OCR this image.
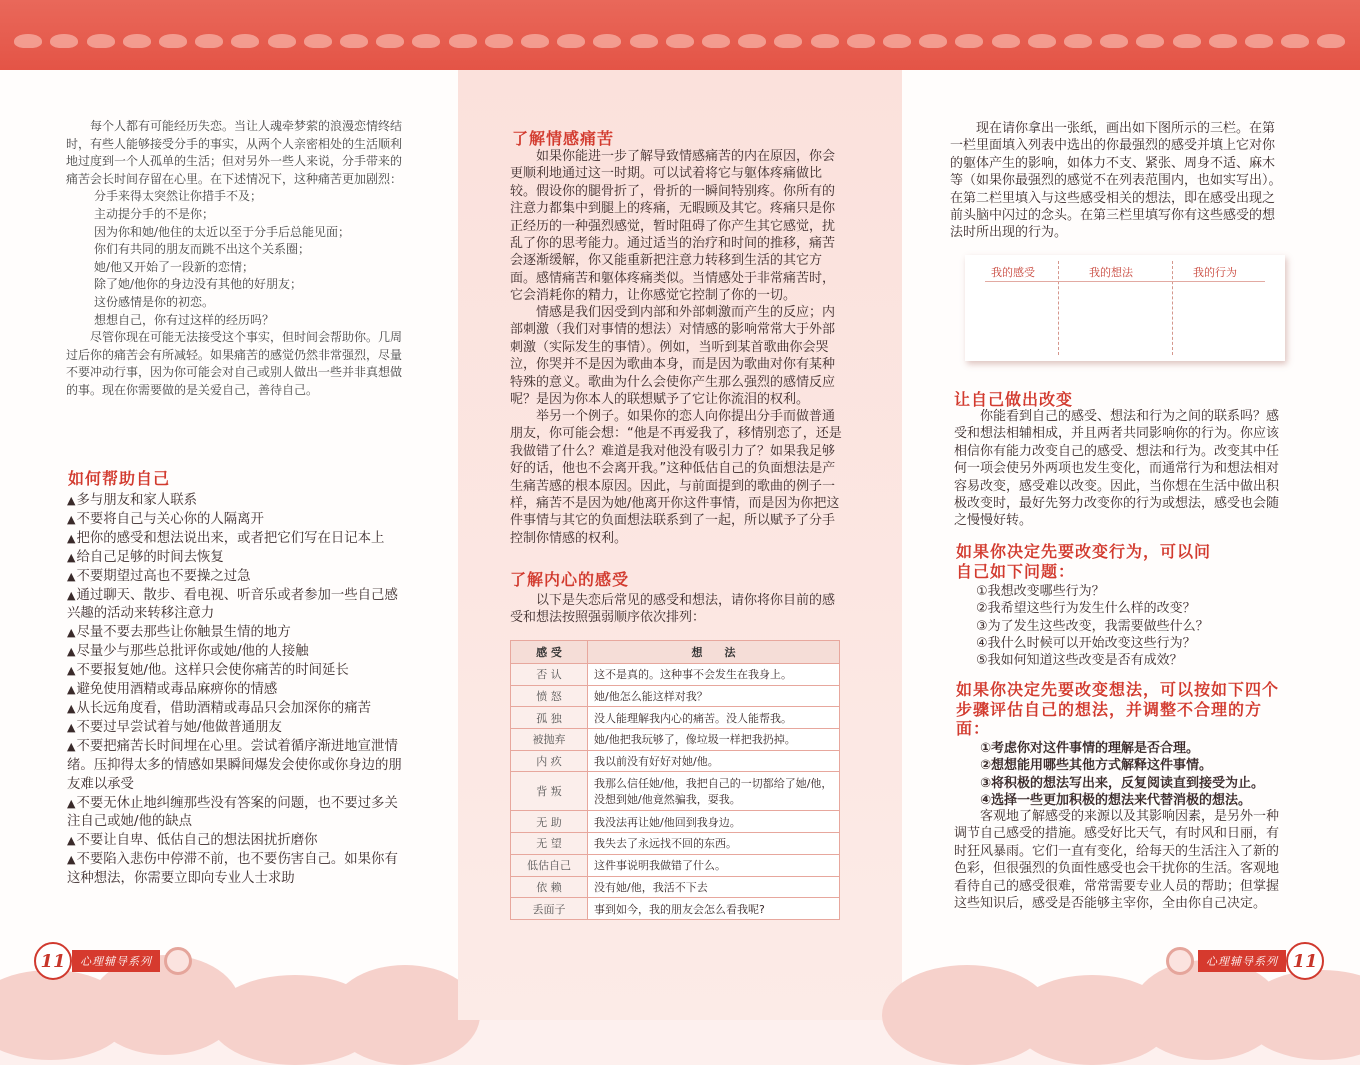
　　每个人都有可能经历失恋。当让人魂牵梦萦的浪漫恋情终结时，有些人能够接受分手的事实，从两个人亲密相处的生活顺利地过度到一个人孤单的生活；但对另外一些人来说，分手带来的痛苦会长时间存留在心里。在下述情况下，这种痛苦更加剧烈：
分手来得太突然让你措手不及；
主动提分手的不是你；
因为你和她/他住的太近以至于分手后总能见面；
你们有共同的朋友而跳不出这个关系圈；
她/他又开始了一段新的恋情；
除了她/他你的身边没有其他的好朋友；
这份感情是你的初恋。
想想自己，你有过这样的经历吗？
　　尽管你现在可能无法接受这个事实，但时间会帮助你。几周过后你的痛苦会有所减轻。如果痛苦的感觉仍然非常强烈，尽量不要冲动行事，因为你可能会对自己或别人做出一些并非真想做的事。现在你需要做的是关爱自己，善待自己。
如何帮助自己
▲ 多与朋友和家人联系
▲ 不要将自己与关心你的人隔离开
▲ 把你的感受和想法说出来，或者把它们写在日记本上
▲ 给自己足够的时间去恢复
▲ 不要期望过高也不要操之过急
▲ 通过聊天、散步、看电视、听音乐或者参加一些自己感兴趣的活动来转移注意力
▲ 尽量不要去那些让你触景生情的地方
▲ 尽量少与那些总批评你或她/他的人接触
▲ 不要报复她/他。这样只会使你痛苦的时间延长
▲ 避免使用酒精或毒品麻痹你的情感
▲ 从长远角度看，借助酒精或毒品只会加深你的痛苦
▲ 不要过早尝试着与她/他做普通朋友
▲ 不要把痛苦长时间埋在心里。尝试着循序渐进地宣泄情绪。压抑得太多的情感如果瞬间爆发会使你或你身边的朋友难以承受
▲ 不要无休止地纠缠那些没有答案的问题，也不要过多关注自己或她/他的缺点
▲ 不要让自卑、低估自己的想法困扰折磨你
▲ 不要陷入悲伤中停滞不前，也不要伤害自己。如果你有这种想法，你需要立即向专业人士求助
11	心理辅导系列
了解情感痛苦

　　如果你能进一步了解导致情感痛苦的内在原因，你会更顺利地通过这一时期。可以试着将它与躯体疼痛做比较。假设你的腿骨折了，骨折的一瞬间特别疼。你所有的注意力都集中到腿上的疼痛，无暇顾及其它。疼痛只是你正经历的一种强烈感觉，暂时阻碍了你产生其它感觉，扰乱了你的思考能力。通过适当的治疗和时间的推移，痛苦会逐渐缓解，你又能重新把注意力转移到生活的其它方面。感情痛苦和躯体疼痛类似。当情感处于非常痛苦时，它会消耗你的精力，让你感觉它控制了你的一切。

　　情感是我们因受到内部和外部刺激而产生的反应；内部刺激（我们对事情的想法）对情感的影响常常大于外部刺激（实际发生的事情）。例如，当听到某首歌曲你会哭泣，你哭并不是因为歌曲本身，而是因为歌曲对你有某种特殊的意义。歌曲为什么会使你产生那么强烈的感情反应呢？是因为你本人的联想赋予了它让你流泪的权利。

　　举另一个例子。如果你的恋人向你提出分手而做普通朋友，你可能会想：“他是不再爱我了，移情别恋了，还是我做错了什么？难道是我对他没有吸引力了？如果我足够好的话，他也不会离开我。”这种低估自己的负面想法是产生痛苦感的根本原因。因此，与前面提到的歌曲的例子一样，痛苦不是因为她/他离开你这件事情，而是因为你把这件事情与其它的负面想法联系到了一起，所以赋予了分手控制你情感的权利。

了解内心的感受

　　以下是失恋后常见的感受和想法，请你将你目前的感受和想法按照强弱顺序依次排列：

感 受	想　　法
否 认	这不是真的。这种事不会发生在我身上。
愤 怒	她/他怎么能这样对我？
孤 独	没人能理解我内心的痛苦。没人能帮我。
被抛弃	她/他把我玩够了，像垃圾一样把我扔掉。
内 疚	我以前没有好好对她/他。
背 叛	我那么信任她/他，我把自己的一切都给了她/他，没想到她/他竟然骗我，耍我。
无 助	我没法再让她/他回到我身边。
无 望	我失去了永远找不回的东西。
低估自己	这件事说明我做错了什么。
依 赖	没有她/他，我活不下去
丢面子	事到如今，我的朋友会怎么看我呢?

　　现在请你拿出一张纸，画出如下图所示的三栏。在第一栏里面填入列表中选出的你最强烈的感受并填上它对你的躯体产生的影响，如体力不支、紧张、周身不适、麻木等（如果你最强烈的感觉不在列表范围内，也如实写出）。在第二栏里填入与这些感受相关的想法，即在感受出现之前头脑中闪过的念头。在第三栏里填写你有这些感受的想法时所出现的行为。

我的感受	我的想法	我的行为
让自己做出改变

　　你能看到自己的感受、想法和行为之间的联系吗？感受和想法相辅相成，并且两者共同影响你的行为。你应该相信你有能力改变自己的感受、想法和行为。改变其中任何一项会使另外两项也发生变化，而通常行为和想法相对容易改变，感受难以改变。因此，当你想在生活中做出积极改变时，最好先努力改变你的行为或想法，感受也会随之慢慢好转。

如果你决定先要改变行为，可以问自己如下问题：
①我想改变哪些行为？
②我希望这些行为发生什么样的改变？
③为了发生这些改变，我需要做些什么？
④我什么时候可以开始改变这些行为？
⑤我如何知道这些改变是否有成效？
如果你决定先要改变想法，可以按如下四个步骤评估自己的想法，并调整不合理的方面：
①考虑你对这件事情的理解是否合理。
②想想能用哪些其他方式解释这件事情。
③将积极的想法写出来，反复阅读直到接受为止。
④选择一些更加积极的想法来代替消极的想法。

　　客观地了解感受的来源以及其影响因素，是另外一种调节自己感受的措施。感受好比天气，有时风和日丽，有时狂风暴雨。它们一直有变化，给每天的生活注入了新的色彩，但很强烈的负面性感受也会干扰你的生活。客观地看待自己的感受很难，常常需要专业人员的帮助；但掌握这些知识后，感受是否能够主宰你，全由你自己决定。

心理辅导系列 11
